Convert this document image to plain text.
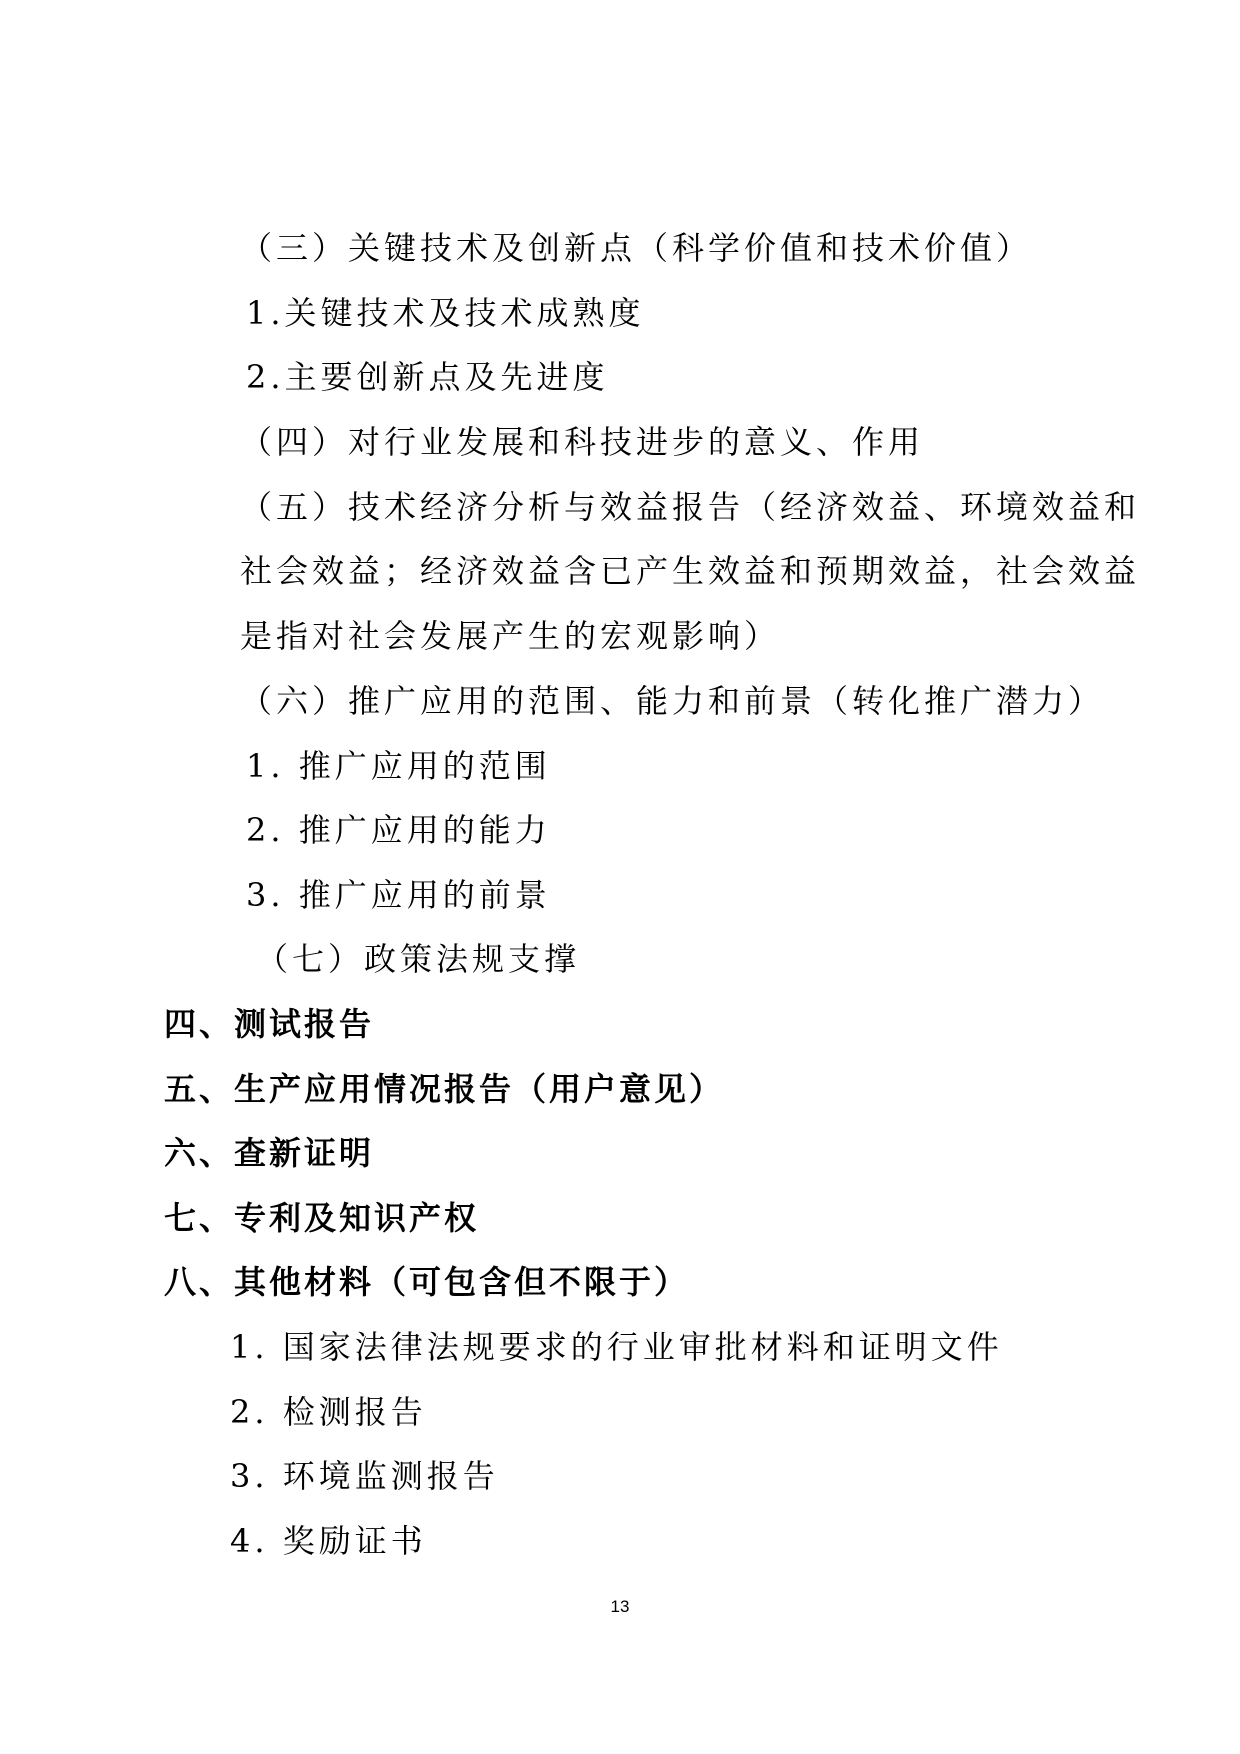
（三）关键技术及创新点（科学价值和技术价值）
1.关键技术及技术成熟度
2.主要创新点及先进度
（四）对行业发展和科技进步的意义、作用
（五）技术经济分析与效益报告（经济效益、环境效益和
社会效益；经济效益含已产生效益和预期效益，社会效益
是指对社会发展产生的宏观影响）
（六）推广应用的范围、能力和前景（转化推广潜力）
1. 推广应用的范围
2. 推广应用的能力
3. 推广应用的前景
（七）政策法规支撑
四、测试报告
五、生产应用情况报告（用户意见）
六、查新证明
七、专利及知识产权
八、其他材料（可包含但不限于）
1. 国家法律法规要求的行业审批材料和证明文件
2. 检测报告
3. 环境监测报告
4. 奖励证书
13
